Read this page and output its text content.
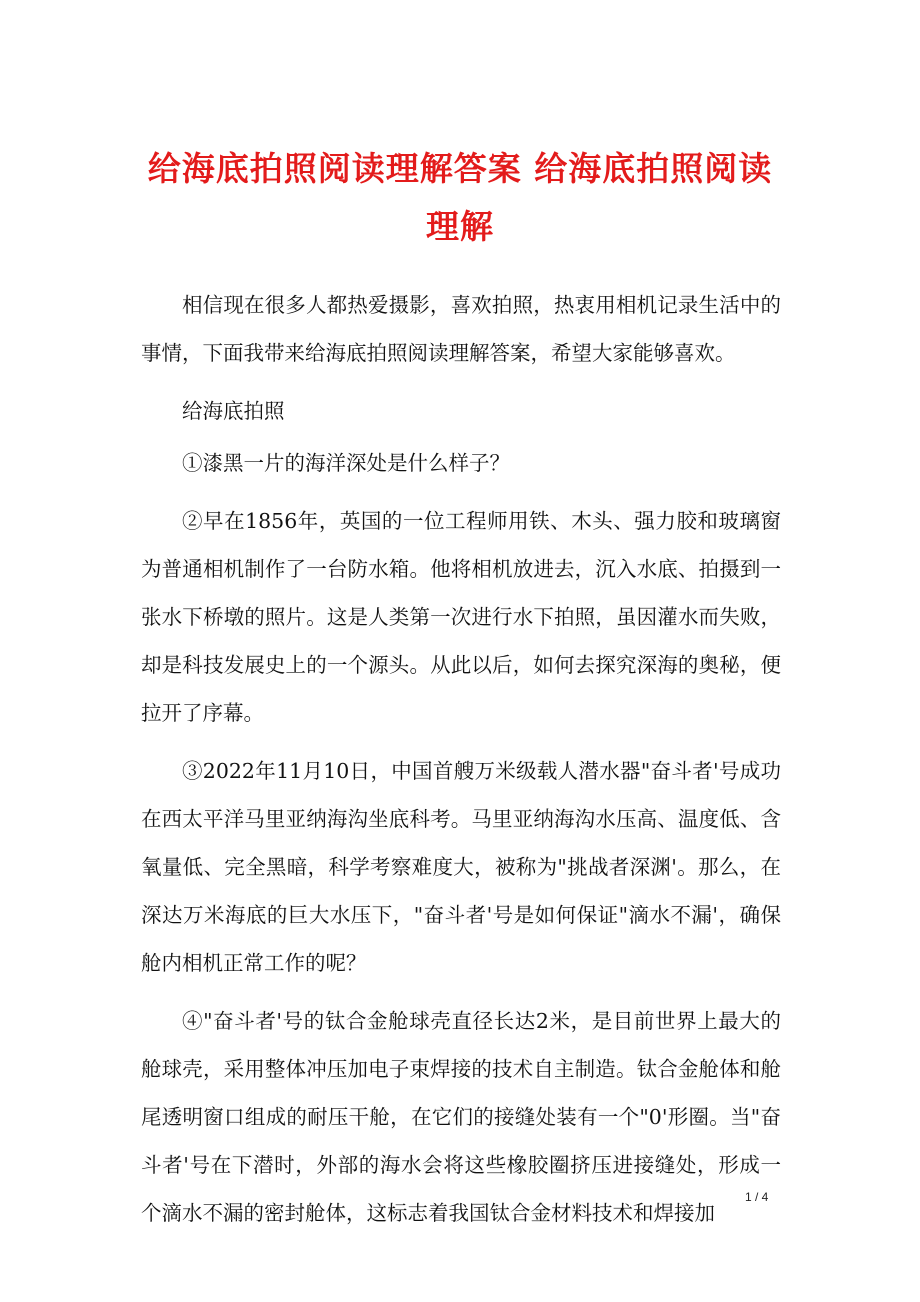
给海底拍照阅读理解答案 给海底拍照阅读
理解

相信现在很多人都热爱摄影，喜欢拍照，热衷用相机记录生活中的事情，下面我带来给海底拍照阅读理解答案，希望大家能够喜欢。

给海底拍照

①漆黑一片的海洋深处是什么样子？

②早在1856年，英国的一位工程师用铁、木头、强力胶和玻璃窗为普通相机制作了一台防水箱。他将相机放进去，沉入水底、拍摄到一张水下桥墩的照片。这是人类第一次进行水下拍照，虽因灌水而失败，却是科技发展史上的一个源头。从此以后，如何去探究深海的奥秘，便拉开了序幕。

③2022年11月10日，中国首艘万米级载人潜水器"奋斗者'号成功在西太平洋马里亚纳海沟坐底科考。马里亚纳海沟水压高、温度低、含氧量低、完全黑暗，科学考察难度大，被称为"挑战者深渊'。那么，在深达万米海底的巨大水压下，"奋斗者'号是如何保证"滴水不漏'，确保舱内相机正常工作的呢？

④"奋斗者'号的钛合金舱球壳直径长达2米，是目前世界上最大的舱球壳，采用整体冲压加电子束焊接的技术自主制造。钛合金舱体和舱尾透明窗口组成的耐压干舱，在它们的接缝处装有一个"0'形圈。当"奋斗者'号在下潜时，外部的海水会将这些橡胶圈挤压进接缝处，形成一个滴水不漏的密封舱体，这标志着我国钛合金材料技术和焊接加

1 / 4
